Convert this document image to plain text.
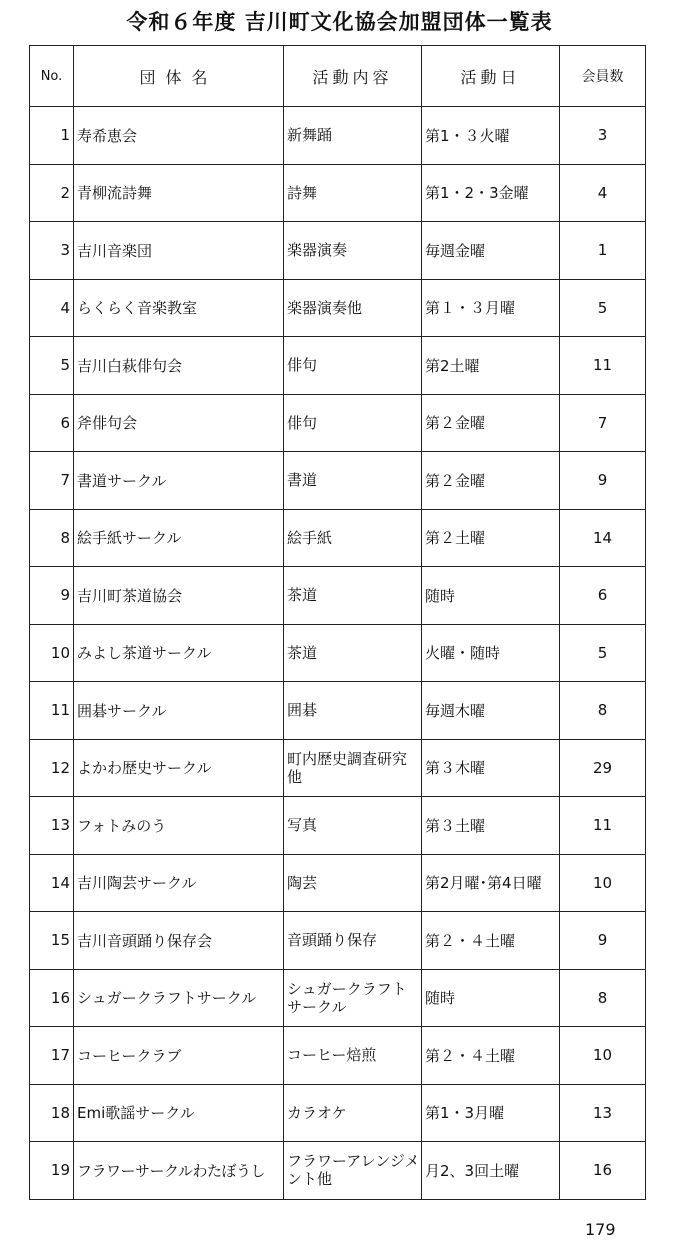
令和６年度 吉川町文化協会加盟団体一覧表
No.	団体名	活動内容	活動日	会員数
1	寿希恵会	新舞踊	第1・３火曜	3
2	青柳流詩舞	詩舞	第1・2・3金曜	4
3	吉川音楽団	楽器演奏	毎週金曜	1
4	らくらく音楽教室	楽器演奏他	第１・３月曜	5
5	吉川白萩俳句会	俳句	第2土曜	11
6	斧俳句会	俳句	第２金曜	7
7	書道サークル	書道	第２金曜	9
8	絵手紙サークル	絵手紙	第２土曜	14
9	吉川町茶道協会	茶道	随時	6
10	みよし茶道サークル	茶道	火曜・随時	5
11	囲碁サークル	囲碁	毎週木曜	8
12	よかわ歴史サークル	町内歴史調査研究他	第３木曜	29
13	フォトみのう	写真	第３土曜	11
14	吉川陶芸サークル	陶芸	第2月曜･第4日曜	10
15	吉川音頭踊り保存会	音頭踊り保存	第２・４土曜	9
16	シュガークラフトサークル	シュガークラフトサークル	随時	8
17	コーヒークラブ	コーヒー焙煎	第２・４土曜	10
18	Emi歌謡サークル	カラオケ	第1・3月曜	13
19	フラワーサークルわたぼうし	フラワーアレンジメント他	月2、3回土曜	16
179
